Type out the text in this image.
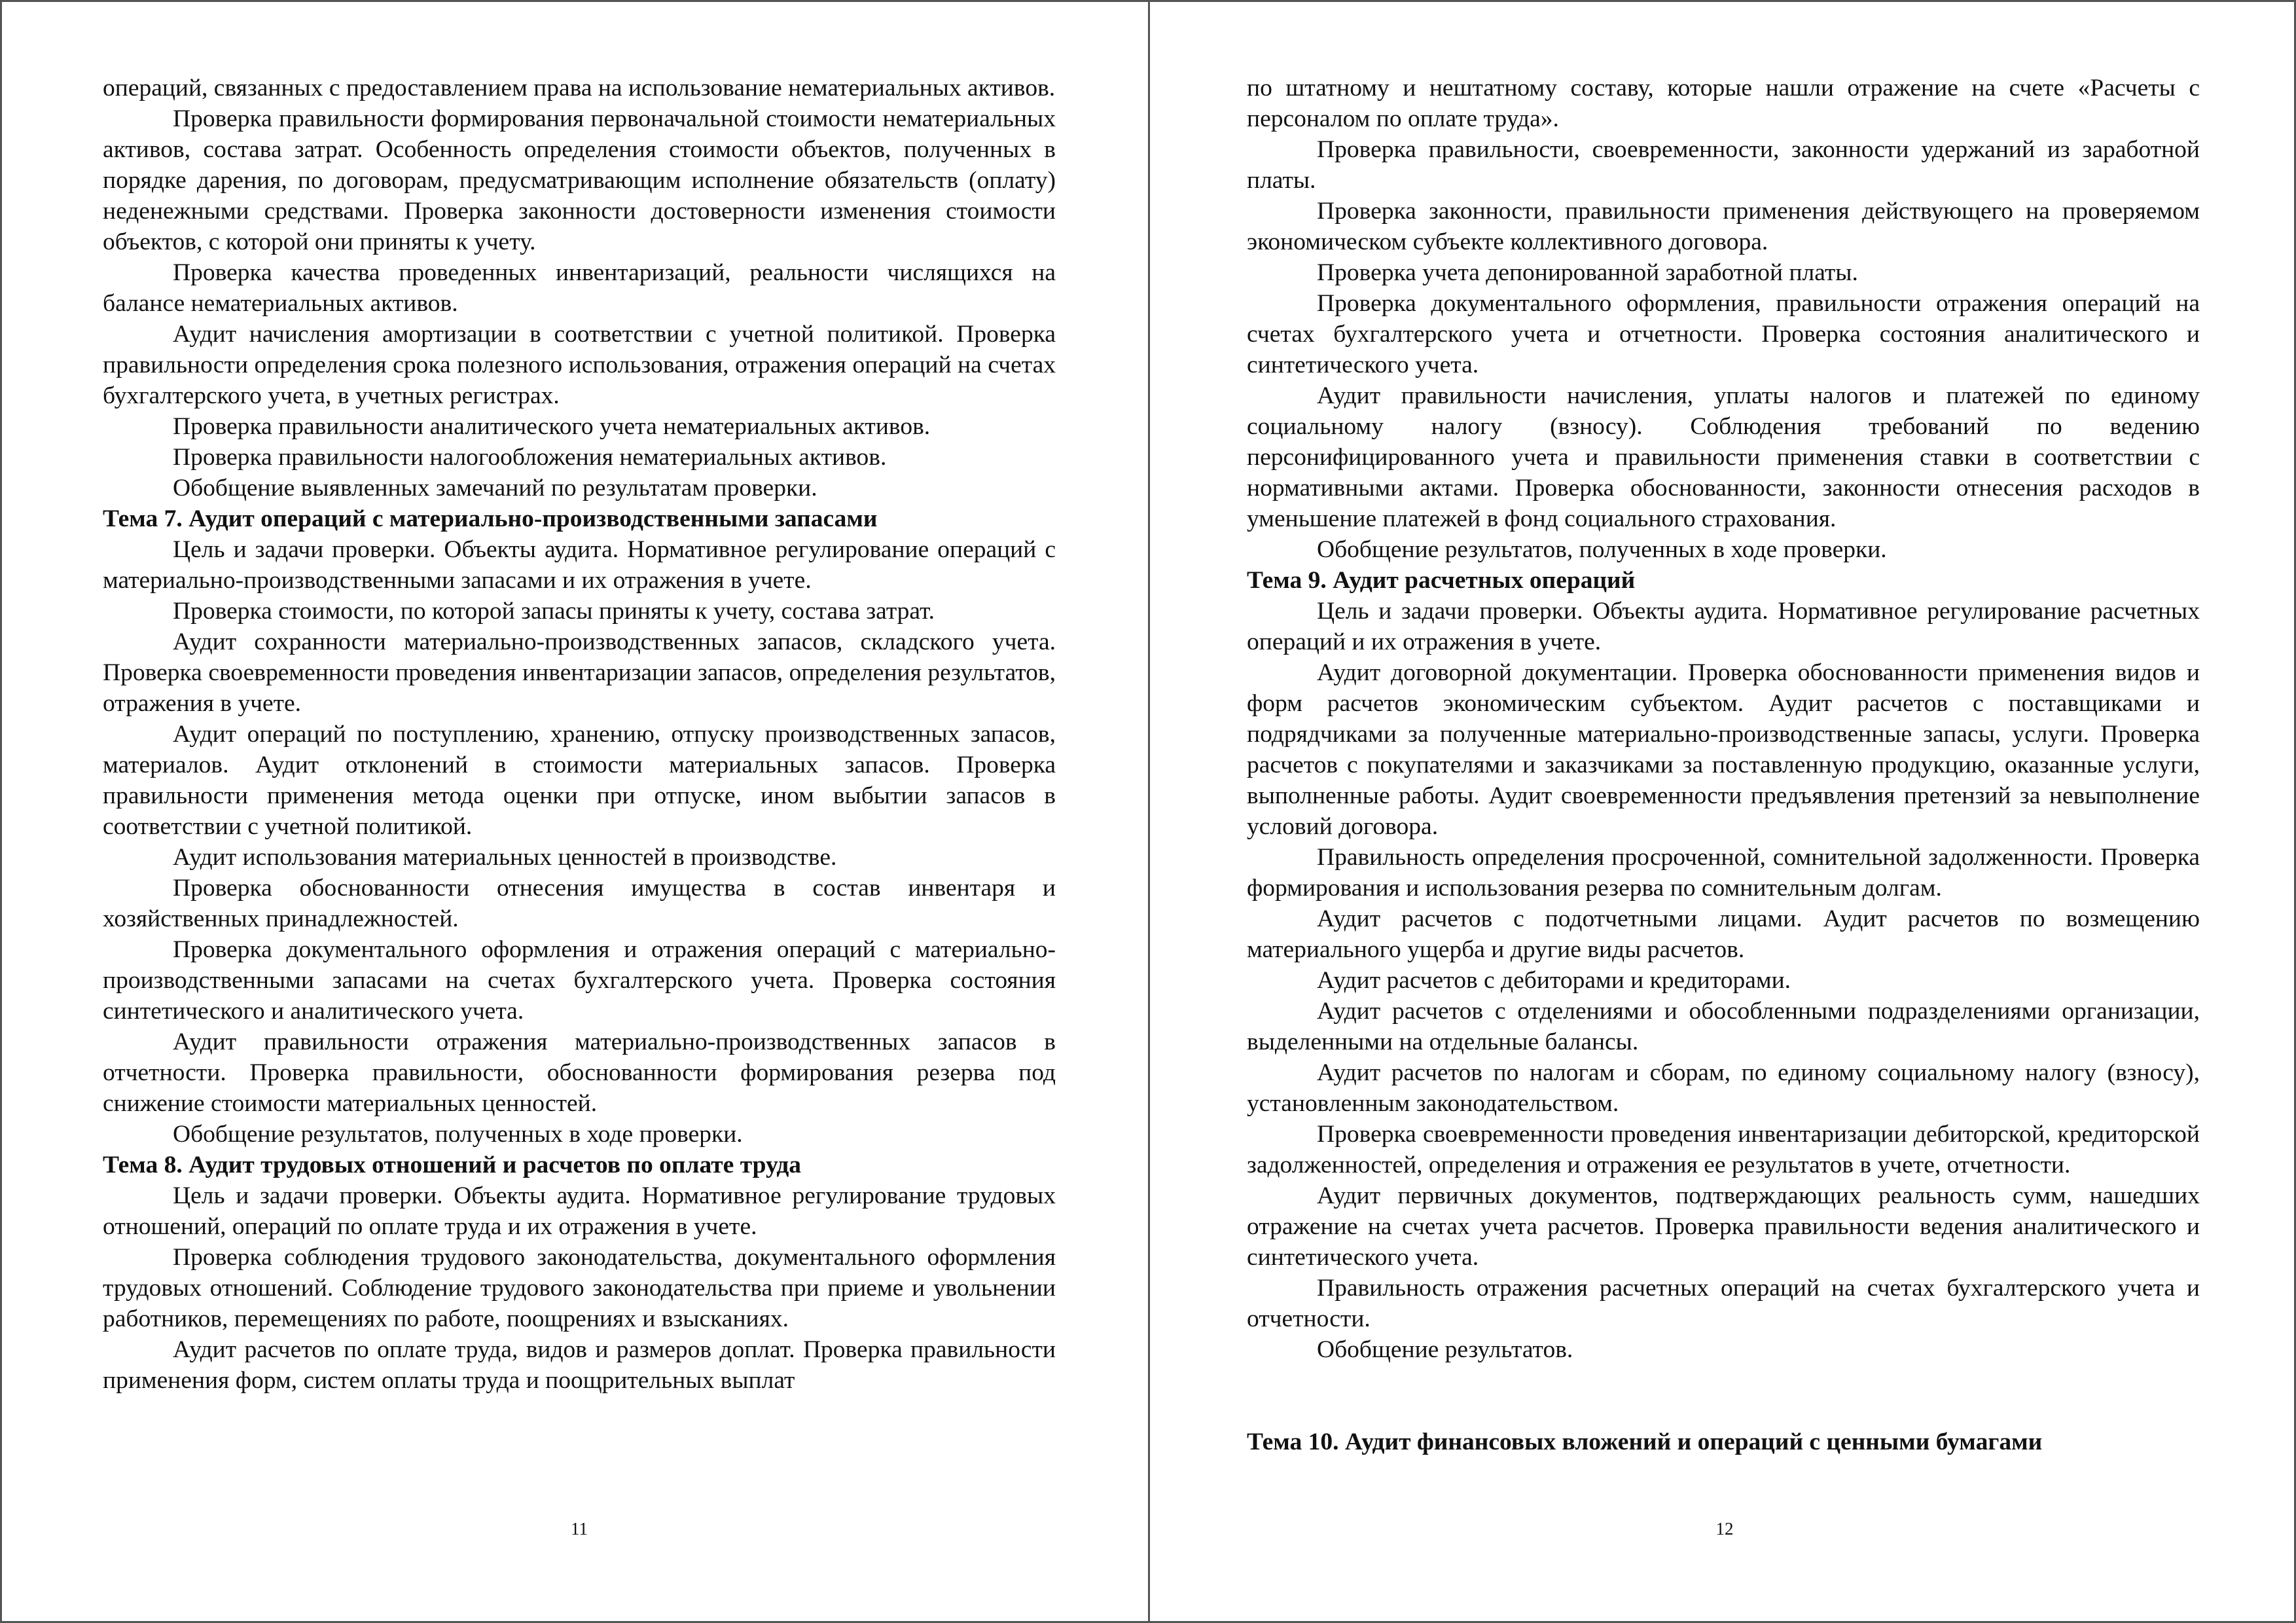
операций, связанных с предоставлением права на использование нематериальных активов.

Проверка правильности формирования первоначальной стоимости нематериальных активов, состава затрат. Особенность определения стоимости объектов, полученных в порядке дарения, по договорам, предусматривающим исполнение обязательств (оплату) неденежными средствами. Проверка законности достоверности изменения стоимости объектов, с которой они приняты к учету.

Проверка качества проведенных инвентаризаций, реальности числящихся на балансе нематериальных активов.

Аудит начисления амортизации в соответствии с учетной политикой. Проверка правильности определения срока полезного использования, отражения операций на счетах бухгалтерского учета, в учетных регистрах.

Проверка правильности аналитического учета нематериальных активов.

Проверка правильности налогообложения нематериальных активов.

Обобщение выявленных замечаний по результатам проверки.

Тема 7. Аудит операций с материально-производственными запасами

Цель и задачи проверки. Объекты аудита. Нормативное регулирование операций с материально-производственными запасами и их отражения в учете.

Проверка стоимости, по которой запасы приняты к учету, состава затрат.

Аудит сохранности материально-производственных запасов, складского учета. Проверка своевременности проведения инвентаризации запасов, определения результатов, отражения в учете.

Аудит операций по поступлению, хранению, отпуску производственных запасов, материалов. Аудит отклонений в стоимости материальных запасов. Проверка правильности применения метода оценки при отпуске, ином выбытии запасов в соответствии с учетной политикой.

Аудит использования материальных ценностей в производстве.

Проверка обоснованности отнесения имущества в состав инвентаря и хозяйственных принадлежностей.

Проверка документального оформления и отражения операций с материально-производственными запасами на счетах бухгалтерского учета. Проверка состояния синтетического и аналитического учета.

Аудит правильности отражения материально-производственных запасов в отчетности. Проверка правильности, обоснованности формирования резерва под снижение стоимости материальных ценностей.

Обобщение результатов, полученных в ходе проверки.

Тема 8. Аудит трудовых отношений и расчетов по оплате труда

Цель и задачи проверки. Объекты аудита. Нормативное регулирование трудовых отношений, операций по оплате труда и их отражения в учете.

Проверка соблюдения трудового законодательства, документального оформления трудовых отношений. Соблюдение трудового законодательства при приеме и увольнении работников, перемещениях по работе, поощрениях и взысканиях.

Аудит расчетов по оплате труда, видов и размеров доплат. Проверка правильности применения форм, систем оплаты труда и поощрительных выплат

11

по штатному и нештатному составу, которые нашли отражение на счете «Расчеты с персоналом по оплате труда».

Проверка правильности, своевременности, законности удержаний из заработной платы.

Проверка законности, правильности применения действующего на проверяемом экономическом субъекте коллективного договора.

Проверка учета депонированной заработной платы.

Проверка документального оформления, правильности отражения операций на счетах бухгалтерского учета и отчетности. Проверка состояния аналитического и синтетического учета.

Аудит правильности начисления, уплаты налогов и платежей по единому социальному налогу (взносу). Соблюдения требований по ведению персонифицированного учета и правильности применения ставки в соответствии с нормативными актами. Проверка обоснованности, законности отнесения расходов в уменьшение платежей в фонд социального страхования.

Обобщение результатов, полученных в ходе проверки.

Тема 9. Аудит расчетных операций

Цель и задачи проверки. Объекты аудита. Нормативное регулирование расчетных операций и их отражения в учете.

Аудит договорной документации. Проверка обоснованности применения видов и форм расчетов экономическим субъектом. Аудит расчетов с поставщиками и подрядчиками за полученные материально-производственные запасы, услуги. Проверка расчетов с покупателями и заказчиками за поставленную продукцию, оказанные услуги, выполненные работы. Аудит своевременности предъявления претензий за невыполнение условий договора.

Правильность определения просроченной, сомнительной задолженности. Проверка формирования и использования резерва по сомнительным долгам.

Аудит расчетов с подотчетными лицами. Аудит расчетов по возмещению материального ущерба и другие виды расчетов.

Аудит расчетов с дебиторами и кредиторами.

Аудит расчетов с отделениями и обособленными подразделениями организации, выделенными на отдельные балансы.

Аудит расчетов по налогам и сборам, по единому социальному налогу (взносу), установленным законодательством.

Проверка своевременности проведения инвентаризации дебиторской, кредиторской задолженностей, определения и отражения ее результатов в учете, отчетности.

Аудит первичных документов, подтверждающих реальность сумм, нашедших отражение на счетах учета расчетов. Проверка правильности ведения аналитического и синтетического учета.

Правильность отражения расчетных операций на счетах бухгалтерского учета и отчетности.

Обобщение результатов.

Тема 10. Аудит финансовых вложений и операций с ценными бумагами
12
